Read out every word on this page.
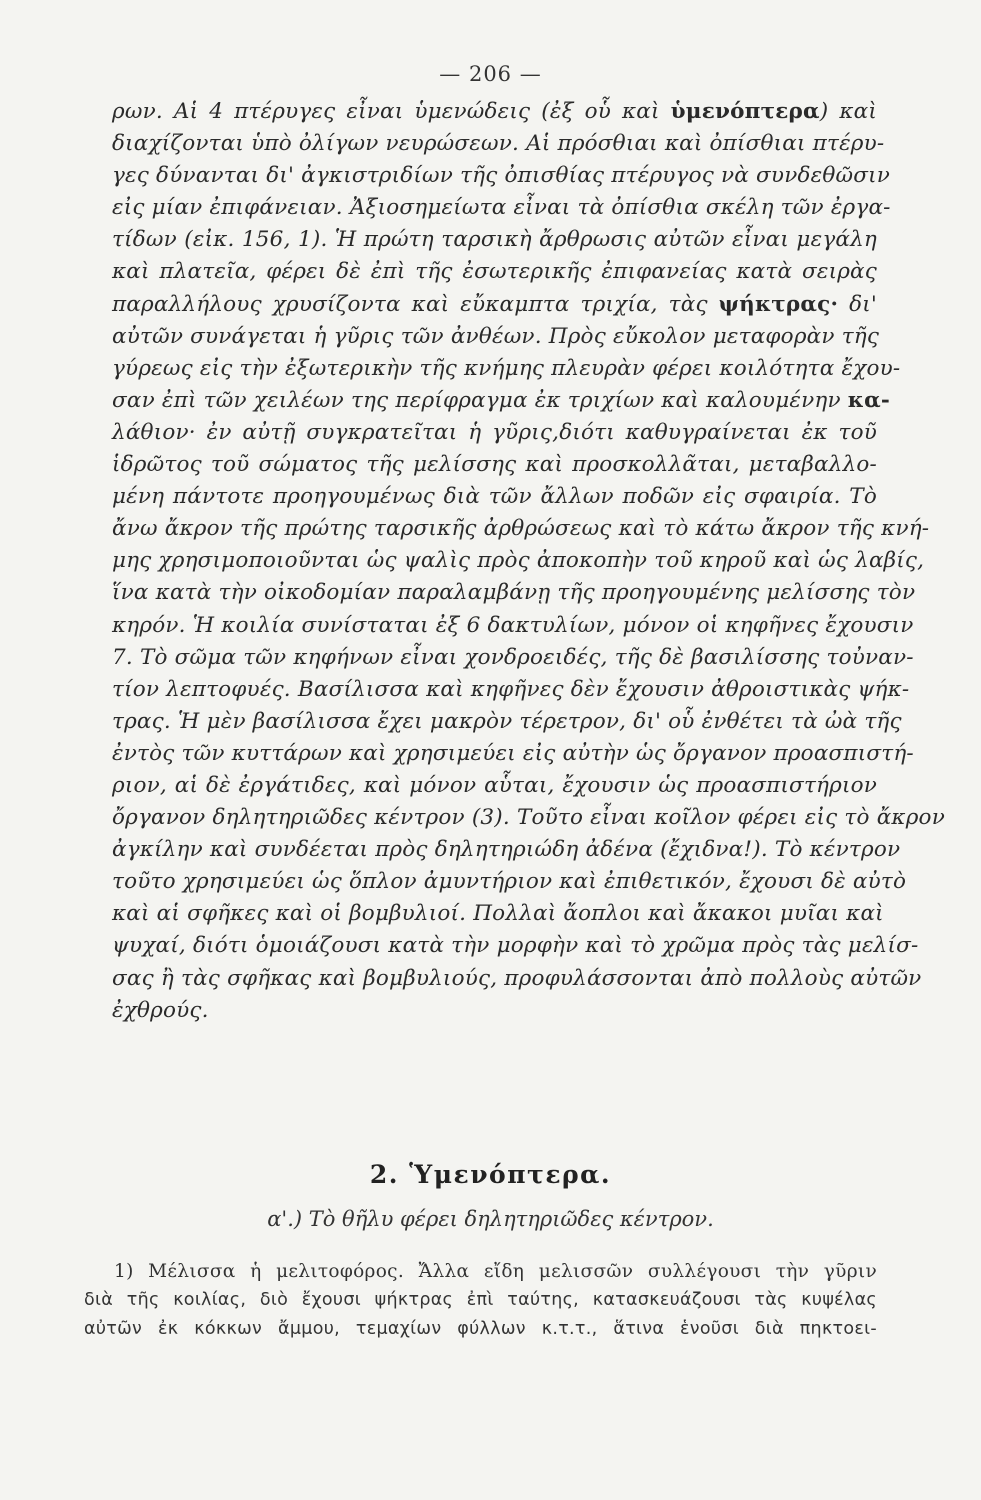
— 206 —
ρων. Αἱ 4 πτέρυγες εἶναι ὑμενώδεις (ἐξ οὗ καὶ ὑμενόπτερα) καὶ
διαχίζονται ὑπὸ ὀλίγων νευρώσεων. Αἱ πρόσθιαι καὶ ὀπίσθιαι πτέρυ-
γες δύνανται δι' ἀγκιστριδίων τῆς ὀπισθίας πτέρυγος νὰ συνδεθῶσιν
εἰς μίαν ἐπιφάνειαν. Ἀξιοσημείωτα εἶναι τὰ ὀπίσθια σκέλη τῶν ἐργα-
τίδων (εἰκ. 156, 1). Ἡ πρώτη ταρσικὴ ἄρθρωσις αὐτῶν εἶναι μεγάλη
καὶ πλατεῖα, φέρει δὲ ἐπὶ τῆς ἐσωτερικῆς ἐπιφανείας κατὰ σειρὰς
παραλλήλους χρυσίζοντα καὶ εὔκαμπτα τριχία, τὰς ψήκτρας· δι'
αὐτῶν συνάγεται ἡ γῦρις τῶν ἀνθέων. Πρὸς εὔκολον μεταφορὰν τῆς
γύρεως εἰς τὴν ἐξωτερικὴν τῆς κνήμης πλευρὰν φέρει κοιλότητα ἔχου-
σαν ἐπὶ τῶν χειλέων της περίφραγμα ἐκ τριχίων καὶ καλουμένην κα-
λάθιον· ἐν αὐτῇ συγκρατεῖται ἡ γῦρις,διότι καθυγραίνεται ἐκ τοῦ
ἱδρῶτος τοῦ σώματος τῆς μελίσσης καὶ προσκολλᾶται, μεταβαλλο-
μένη πάντοτε προηγουμένως διὰ τῶν ἄλλων ποδῶν εἰς σφαιρία. Τὸ
ἄνω ἄκρον τῆς πρώτης ταρσικῆς ἀρθρώσεως καὶ τὸ κάτω ἄκρον τῆς κνή-
μης χρησιμοποιοῦνται ὡς ψαλὶς πρὸς ἀποκοπὴν τοῦ κηροῦ καὶ ὡς λαβίς,
ἵνα κατὰ τὴν οἰκοδομίαν παραλαμβάνῃ τῆς προηγουμένης μελίσσης τὸν
κηρόν. Ἡ κοιλία συνίσταται ἐξ 6 δακτυλίων, μόνον οἱ κηφῆνες ἔχουσιν
7. Τὸ σῶμα τῶν κηφήνων εἶναι χονδροειδές, τῆς δὲ βασιλίσσης τοὐναν-
τίον λεπτοφυές. Βασίλισσα καὶ κηφῆνες δὲν ἔχουσιν ἀθροιστικὰς ψήκ-
τρας. Ἡ μὲν βασίλισσα ἔχει μακρὸν τέρετρον, δι' οὗ ἐνθέτει τὰ ὠὰ τῆς
ἐντὸς τῶν κυττάρων καὶ χρησιμεύει εἰς αὐτὴν ὡς ὄργανον προασπιστή-
ριον, αἱ δὲ ἐργάτιδες, καὶ μόνον αὗται, ἔχουσιν ὡς προασπιστήριον
ὄργανον δηλητηριῶδες κέντρον (3). Τοῦτο εἶναι κοῖλον φέρει εἰς τὸ ἄκρον
ἀγκίλην καὶ συνδέεται πρὸς δηλητηριώδη ἀδένα (ἔχιδνα!). Τὸ κέντρον
τοῦτο χρησιμεύει ὡς ὅπλον ἀμυντήριον καὶ ἐπιθετικόν, ἔχουσι δὲ αὐτὸ
καὶ αἱ σφῆκες καὶ οἱ βομβυλιοί. Πολλαὶ ἄοπλοι καὶ ἄκακοι μυῖαι καὶ
ψυχαί, διότι ὁμοιάζουσι κατὰ τὴν μορφὴν καὶ τὸ χρῶμα πρὸς τὰς μελίσ-
σας ἢ τὰς σφῆκας καὶ βομβυλιούς, προφυλάσσονται ἀπὸ πολλοὺς αὐτῶν
ἐχθρούς.
2. Ὑμενόπτερα.
α'.) Τὸ θῆλυ φέρει δηλητηριῶδες κέντρον.
1) Μέλισσα ἡ μελιτοφόρος. Ἄλλα εἴδη μελισσῶν συλλέγουσι τὴν γῦριν
διὰ τῆς κοιλίας, διὸ ἔχουσι ψήκτρας ἐπὶ ταύτης, κατασκευάζουσι τὰς κυψέλας
αὐτῶν ἐκ κόκκων ἄμμου, τεμαχίων φύλλων κ.τ.τ., ἅτινα ἑνοῦσι διὰ πηκτοει-
